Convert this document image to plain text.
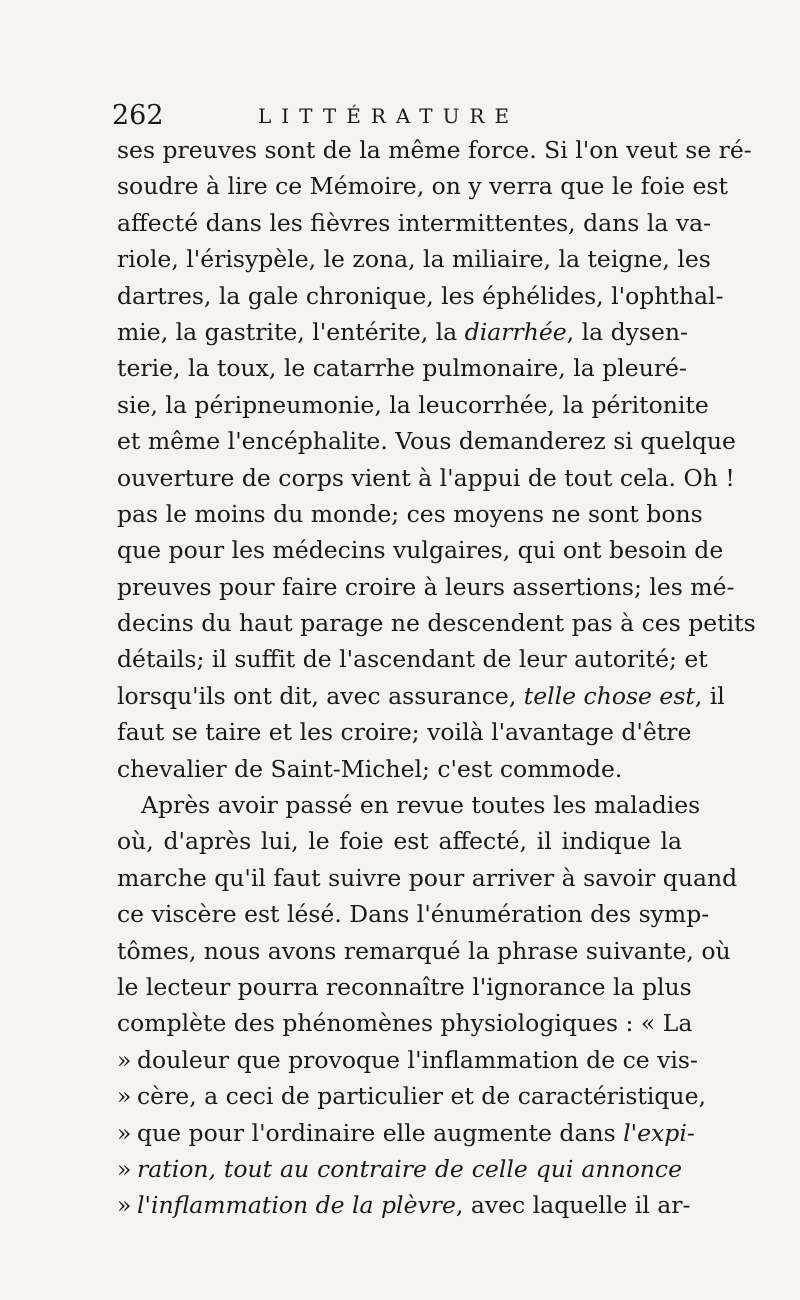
262	LITTÉRATURE
ses preuves sont de la même force. Si l'on veut se ré-
soudre à lire ce Mémoire, on y verra que le foie est
affecté dans les fièvres intermittentes, dans la va-
riole, l'érisypèle, le zona, la miliaire, la teigne, les
dartres, la gale chronique, les éphélides, l'ophthal-
mie, la gastrite, l'entérite, la diarrhée, la dysen-
terie, la toux, le catarrhe pulmonaire, la pleuré-
sie, la péripneumonie, la leucorrhée, la péritonite
et même l'encéphalite. Vous demanderez si quelque
ouverture de corps vient à l'appui de tout cela. Oh !
pas le moins du monde; ces moyens ne sont bons
que pour les médecins vulgaires, qui ont besoin de
preuves pour faire croire à leurs assertions; les mé-
decins du haut parage ne descendent pas à ces petits
détails; il suffit de l'ascendant de leur autorité; et
lorsqu'ils ont dit, avec assurance, telle chose est, il
faut se taire et les croire; voilà l'avantage d'être
chevalier de Saint-Michel; c'est commode.
Après avoir passé en revue toutes les maladies
où, d'après lui, le foie est affecté, il indique la
marche qu'il faut suivre pour arriver à savoir quand
ce viscère est lésé. Dans l'énumération des symp-
tômes, nous avons remarqué la phrase suivante, où
le lecteur pourra reconnaître l'ignorance la plus
complète des phénomènes physiologiques : « La
» douleur que provoque l'inflammation de ce vis-
» cère, a ceci de particulier et de caractéristique,
» que pour l'ordinaire elle augmente dans l'expi-
» ration, tout au contraire de celle qui annonce
» l'inflammation de la plèvre, avec laquelle il ar-
